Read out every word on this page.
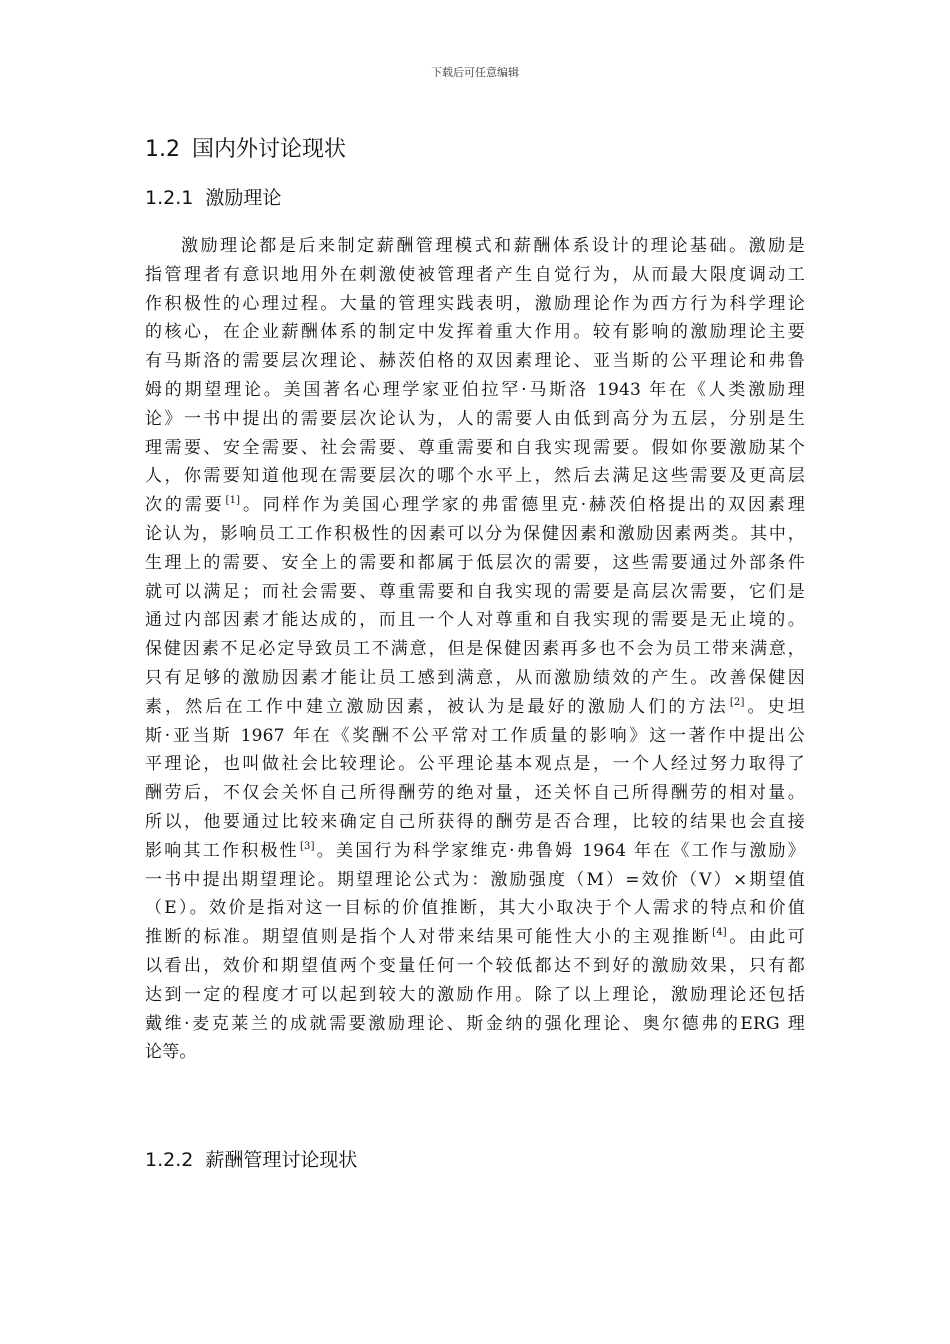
下载后可任意编辑
1.2 国内外讨论现状
1.2.1 激励理论
激励理论都是后来制定薪酬管理模式和薪酬体系设计的理论基础。激励是
指管理者有意识地用外在刺激使被管理者产生自觉行为，从而最大限度调动工
作积极性的心理过程。大量的管理实践表明，激励理论作为西方行为科学理论
的核心，在企业薪酬体系的制定中发挥着重大作用。较有影响的激励理论主要
有马斯洛的需要层次理论、赫茨伯格的双因素理论、亚当斯的公平理论和弗鲁
姆的期望理论。美国著名心理学家亚伯拉罕·马斯洛 1943 年在《人类激励理
论》一书中提出的需要层次论认为，人的需要人由低到高分为五层，分别是生
理需要、安全需要、社会需要、尊重需要和自我实现需要。假如你要激励某个
人，你需要知道他现在需要层次的哪个水平上，然后去满足这些需要及更高层
次的需要[1]。同样作为美国心理学家的弗雷德里克·赫茨伯格提出的双因素理
论认为，影响员工工作积极性的因素可以分为保健因素和激励因素两类。其中，
生理上的需要、安全上的需要和都属于低层次的需要，这些需要通过外部条件
就可以满足；而社会需要、尊重需要和自我实现的需要是高层次需要，它们是
通过内部因素才能达成的，而且一个人对尊重和自我实现的需要是无止境的。
保健因素不足必定导致员工不满意，但是保健因素再多也不会为员工带来满意，
只有足够的激励因素才能让员工感到满意，从而激励绩效的产生。改善保健因
素，然后在工作中建立激励因素，被认为是最好的激励人们的方法[2]。史坦
斯·亚当斯 1967 年在《奖酬不公平常对工作质量的影响》这一著作中提出公
平理论，也叫做社会比较理论。公平理论基本观点是，一个人经过努力取得了
酬劳后，不仅会关怀自己所得酬劳的绝对量，还关怀自己所得酬劳的相对量。
所以，他要通过比较来确定自己所获得的酬劳是否合理，比较的结果也会直接
影响其工作积极性[3]。美国行为科学家维克·弗鲁姆 1964 年在《工作与激励》
一书中提出期望理论。期望理论公式为：激励强度（M）=效价（V）×期望值
（E）。效价是指对这一目标的价值推断，其大小取决于个人需求的特点和价值
推断的标准。期望值则是指个人对带来结果可能性大小的主观推断[4]。由此可
以看出，效价和期望值两个变量任何一个较低都达不到好的激励效果，只有都
达到一定的程度才可以起到较大的激励作用。除了以上理论，激励理论还包括
戴维·麦克莱兰的成就需要激励理论、斯金纳的强化理论、奥尔德弗的ERG 理
论等。
1.2.2 薪酬管理讨论现状
